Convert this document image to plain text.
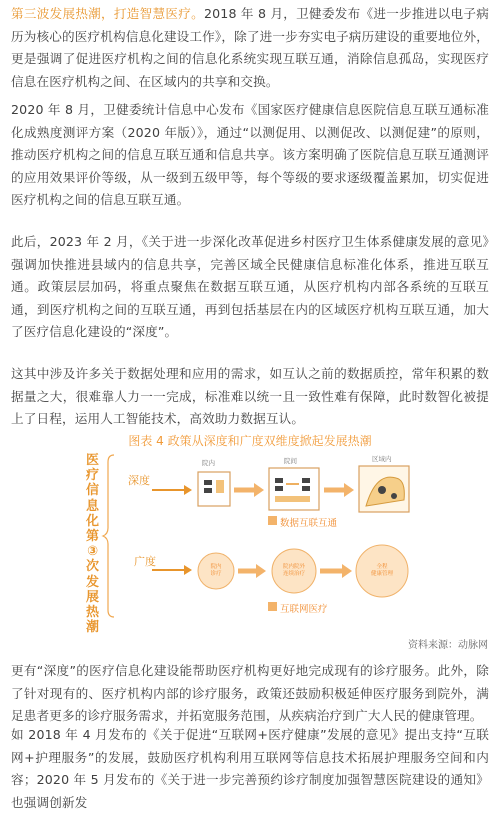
第三波发展热潮，打造智慧医疗。2018 年 8 月，卫健委发布《进一步推进以电子病历为核心的医疗机构信息化建设工作》，除了进一步夯实电子病历建设的重要地位外，更是强调了促进医疗机构之间的信息化系统实现互联互通，消除信息孤岛，实现医疗信息在医疗机构之间、在区域内的共享和交换。

2020 年 8 月，卫健委统计信息中心发布《国家医疗健康信息医院信息互联互通标准化成熟度测评方案（2020 年版）》，通过“以测促用、以测促改、以测促建”的原则，推动医疗机构之间的信息互联互通和信息共享。该方案明确了医院信息互联互通测评的应用效果评价等级，从一级到五级甲等，每个等级的要求逐级覆盖累加，切实促进医疗机构之间的信息互联互通。

此后，2023 年 2 月，《关于进一步深化改革促进乡村医疗卫生体系健康发展的意见》强调加快推进县域内的信息共享，完善区域全民健康信息标准化体系，推进互联互通。政策层层加码，将重点聚焦在数据互联互通，从医疗机构内部各系统的互联互通，到医疗机构之间的互联互通，再到包括基层在内的区域医疗机构互联互通，加大了医疗信息化建设的“深度”。

这其中涉及许多关于数据处理和应用的需求，如互认之前的数据质控，常年积累的数据量之大，很难靠人力一一完成，标准难以统一且一致性难有保障，此时数智化被提上了日程，运用人工智能技术，高效助力数据互认。

图表 4 政策从深度和广度双维度掀起发展热潮
医疗信息化第③次发展热潮
深度
广度
院内	院间	区域内
院内
诊疗
院内院外
连续治疗
全程
健康管理
数据互联互通
互联网医疗
资料来源：动脉网

更有“深度”的医疗信息化建设能帮助医疗机构更好地完成现有的诊疗服务。此外，除了针对现有的、医疗机构内部的诊疗服务，政策还鼓励积极延伸医疗服务到院外，满足患者更多的诊疗服务需求，并拓宽服务范围，从疾病治疗到广大人民的健康管理。

如 2018 年 4 月发布的《关于促进“互联网+医疗健康”发展的意见》提出支持“互联网+护理服务”的发展，鼓励医疗机构利用互联网等信息技术拓展护理服务空间和内容；2020 年 5 月发布的《关于进一步完善预约诊疗制度加强智慧医院建设的通知》也强调创新发
